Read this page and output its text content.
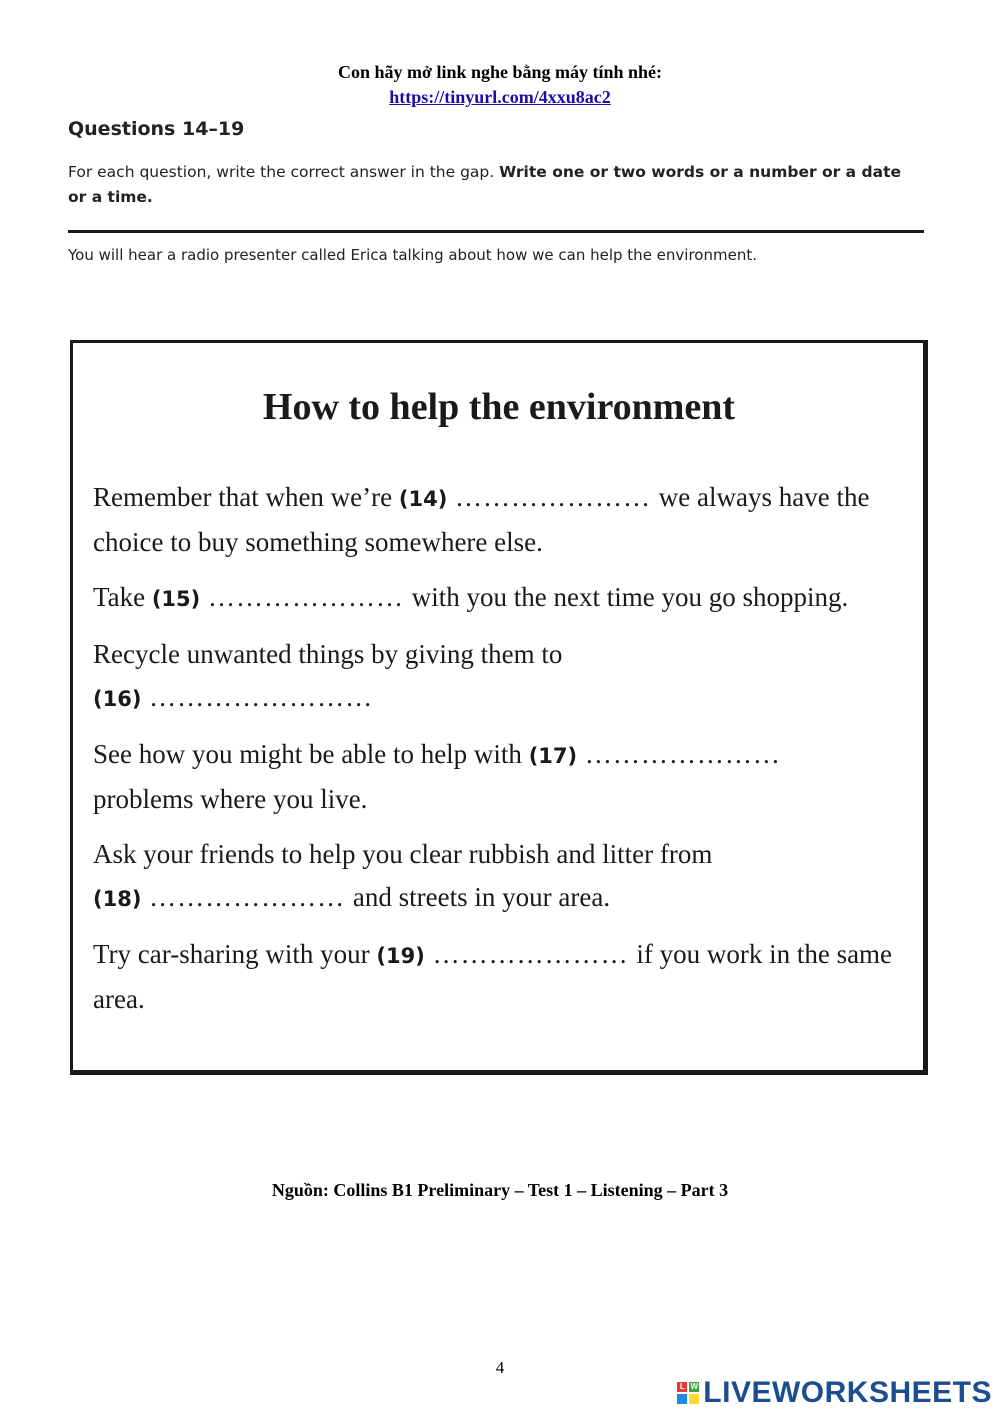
Con hãy mở link nghe bằng máy tính nhé:
https://tinyurl.com/4xxu8ac2
Questions 14–19
For each question, write the correct answer in the gap. Write one or two words or a number or a date or a time.
You will hear a radio presenter called Erica talking about how we can help the environment.
How to help the environment
Remember that when we’re (14) ………………… we always have the choice to buy something somewhere else.
Take (15) ………………… with you the next time you go shopping.
Recycle unwanted things by giving them to
(16) ……………………
See how you might be able to help with (17) …………………
problems where you live.
Ask your friends to help you clear rubbish and litter from
(18) ………………… and streets in your area.
Try car-sharing with your (19) ………………… if you work in the same area.
Nguồn: Collins B1 Preliminary – Test 1 – Listening – Part 3
4
L W LIVEWORKSHEETS
